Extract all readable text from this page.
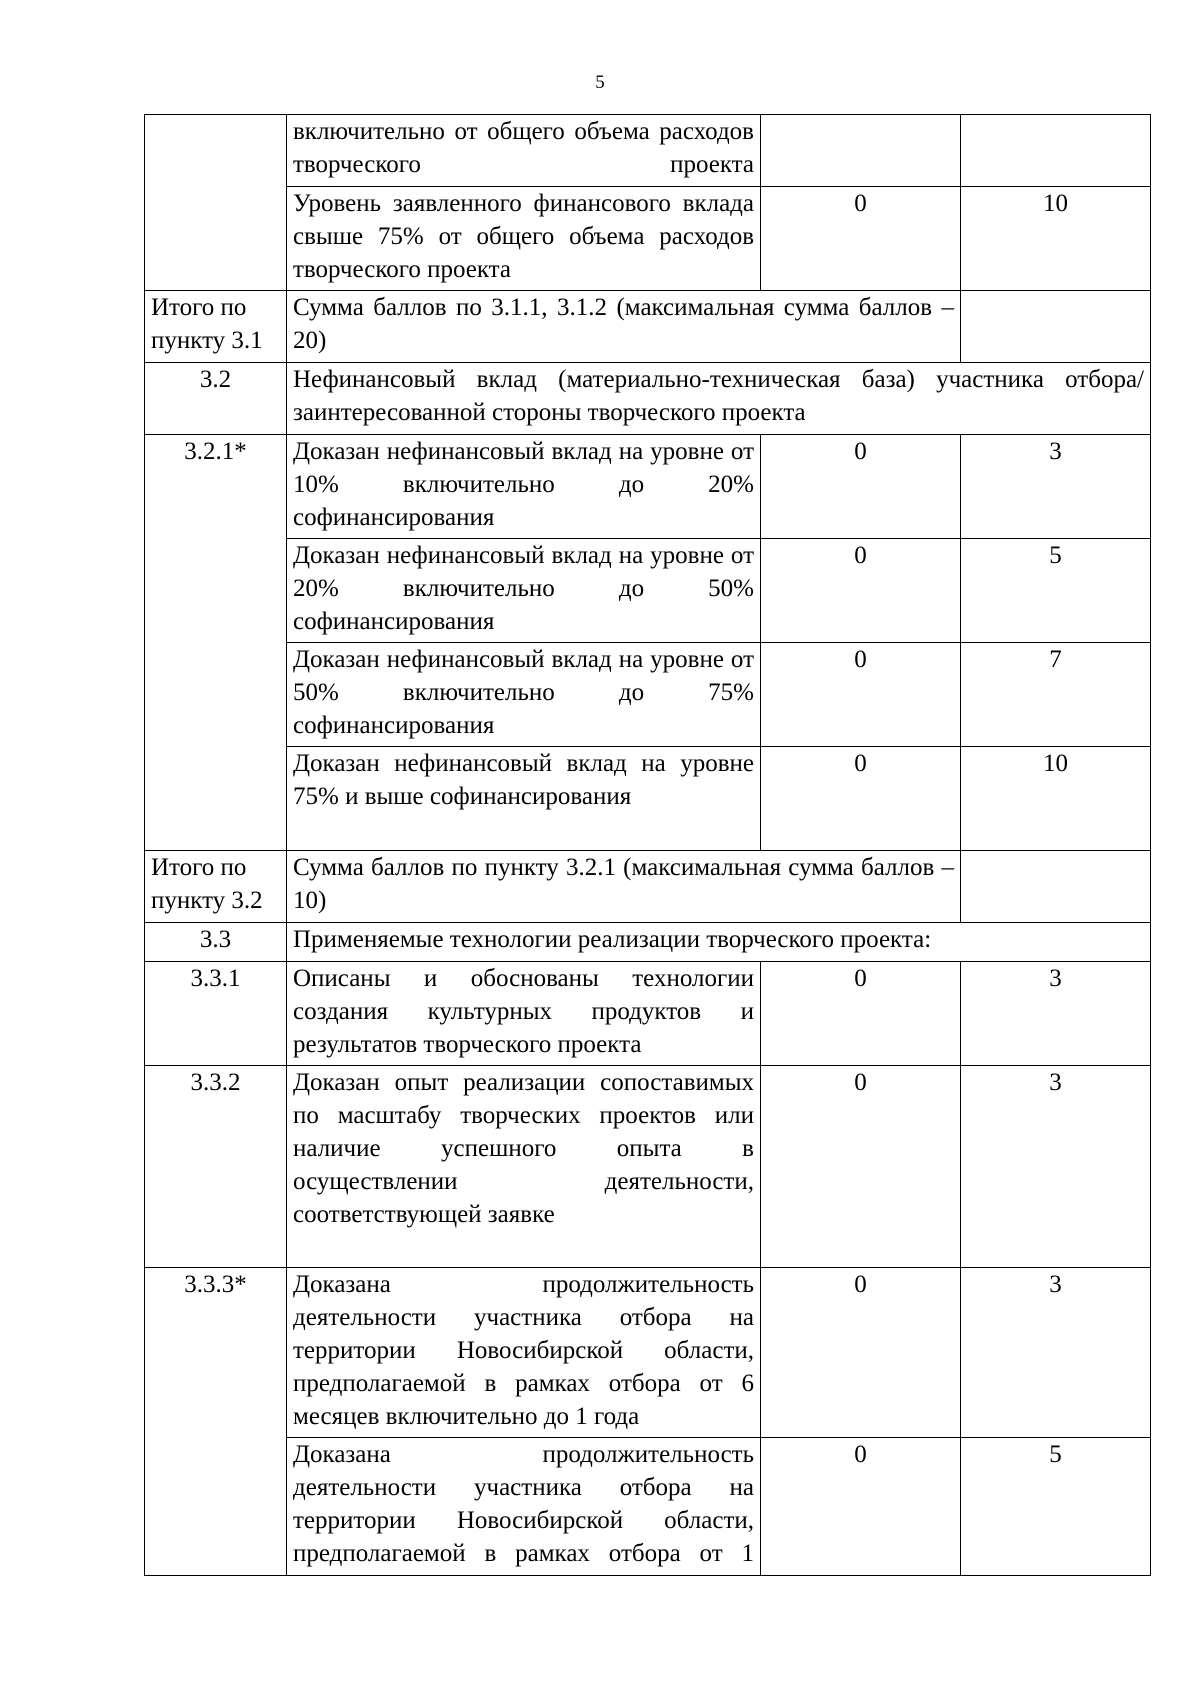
5
	включительно от общего объема расходов творческого проекта		
	Уровень заявленного финансового вклада свыше 75% от общего объема расходов творческого проекта	0	10
Итого по пункту 3.1	Сумма баллов по 3.1.1, 3.1.2 (максимальная сумма баллов – 20)		
3.2	Нефинансовый вклад (материально-техническая база) участника отбора/заинтересованной стороны творческого проекта		
3.2.1*	Доказан нефинансовый вклад на уровне от 10% включительно до 20% софинансирования	0	3
	Доказан нефинансовый вклад на уровне от 20% включительно до 50% софинансирования	0	5
	Доказан нефинансовый вклад на уровне от 50% включительно до 75% софинансирования	0	7
	Доказан нефинансовый вклад на уровне 75% и выше софинансирования	0	10
Итого по пункту 3.2	Сумма баллов по пункту 3.2.1 (максимальная сумма баллов – 10)		
3.3	Применяемые технологии реализации творческого проекта:		
3.3.1	Описаны и обоснованы технологии создания культурных продуктов и результатов творческого проекта	0	3
3.3.2	Доказан опыт реализации сопоставимых по масштабу творческих проектов или наличие успешного опыта в осуществлении деятельности, соответствующей заявке	0	3
3.3.3*	Доказана продолжительность деятельности участника отбора на территории Новосибирской области, предполагаемой в рамках отбора от 6 месяцев включительно до 1 года	0	3
	Доказана продолжительность деятельности участника отбора на территории Новосибирской области, предполагаемой в рамках отбора от 1	0	5
